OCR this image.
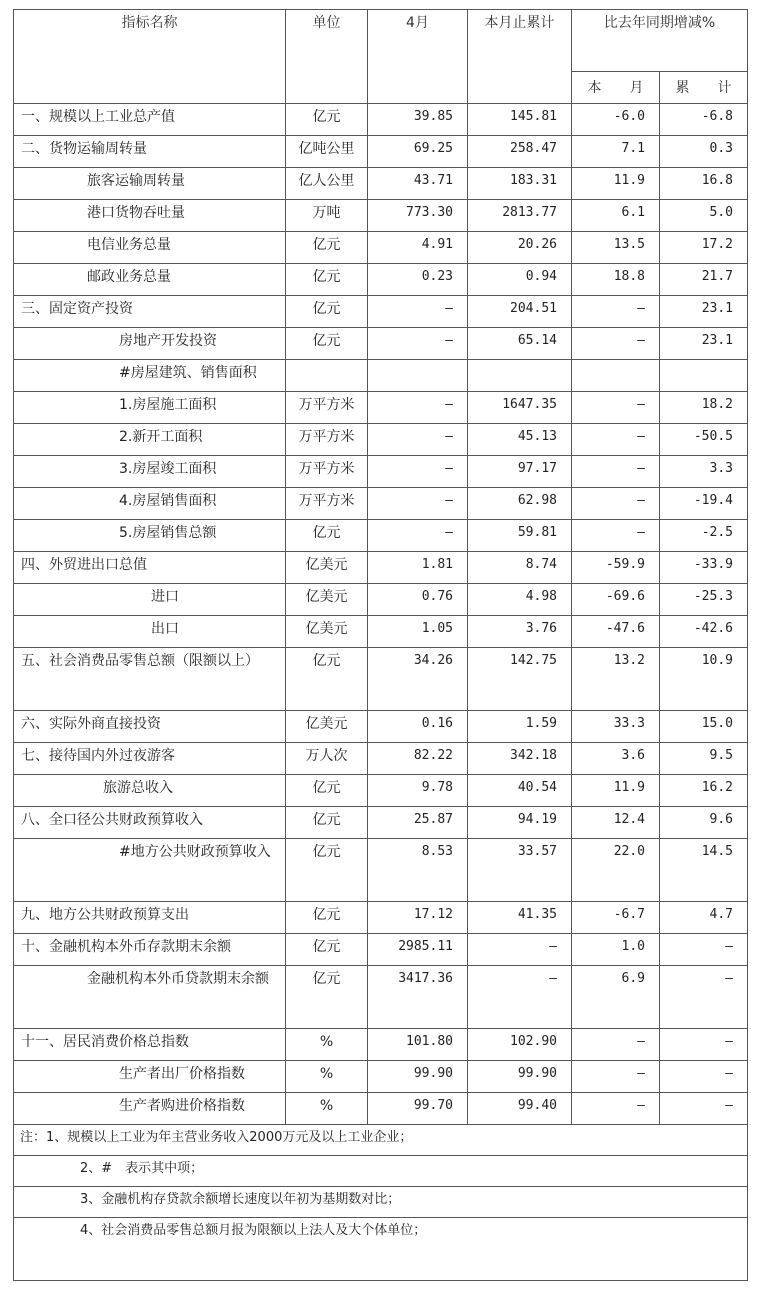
指标名称	单位	4月	本月止累计	比去年同期增减%	
				本　　月	累　　计
一、规模以上工业总产值	亿元	39.85	145.81	-6.0	-6.8
二、货物运输周转量	亿吨公里	69.25	258.47	7.1	0.3
旅客运输周转量	亿人公里	43.71	183.31	11.9	16.8
港口货物吞吐量	万吨	773.30	2813.77	6.1	5.0
电信业务总量	亿元	4.91	20.26	13.5	17.2
邮政业务总量	亿元	0.23	0.94	18.8	21.7
三、固定资产投资	亿元	—	204.51	—	23.1
房地产开发投资	亿元	—	65.14	—	23.1
#房屋建筑、销售面积					
1.房屋施工面积	万平方米	—	1647.35	—	18.2
2.新开工面积	万平方米	—	45.13	—	-50.5
3.房屋竣工面积	万平方米	—	97.17	—	3.3
4.房屋销售面积	万平方米	—	62.98	—	-19.4
5.房屋销售总额	亿元	—	59.81	—	-2.5
四、外贸进出口总值	亿美元	1.81	8.74	-59.9	-33.9
进口	亿美元	0.76	4.98	-69.6	-25.3
出口	亿美元	1.05	3.76	-47.6	-42.6
五、社会消费品零售总额（限额以上）	亿元	34.26	142.75	13.2	10.9
六、实际外商直接投资	亿美元	0.16	1.59	33.3	15.0
七、接待国内外过夜游客	万人次	82.22	342.18	3.6	9.5
旅游总收入	亿元	9.78	40.54	11.9	16.2
八、全口径公共财政预算收入	亿元	25.87	94.19	12.4	9.6
#地方公共财政预算收入	亿元	8.53	33.57	22.0	14.5
九、地方公共财政预算支出	亿元	17.12	41.35	-6.7	4.7
十、金融机构本外币存款期末余额	亿元	2985.11	—	1.0	—
金融机构本外币贷款期末余额	亿元	3417.36	—	6.9	—
十一、居民消费价格总指数	%	101.80	102.90	—	—
生产者出厂价格指数	%	99.90	99.90	—	—
生产者购进价格指数	%	99.70	99.40	—	—
注：1、规模以上工业为年主营业务收入2000万元及以上工业企业；					
2、#　表示其中项；					
3、金融机构存贷款余额增长速度以年初为基期数对比；					
4、社会消费品零售总额月报为限额以上法人及大个体单位；					
